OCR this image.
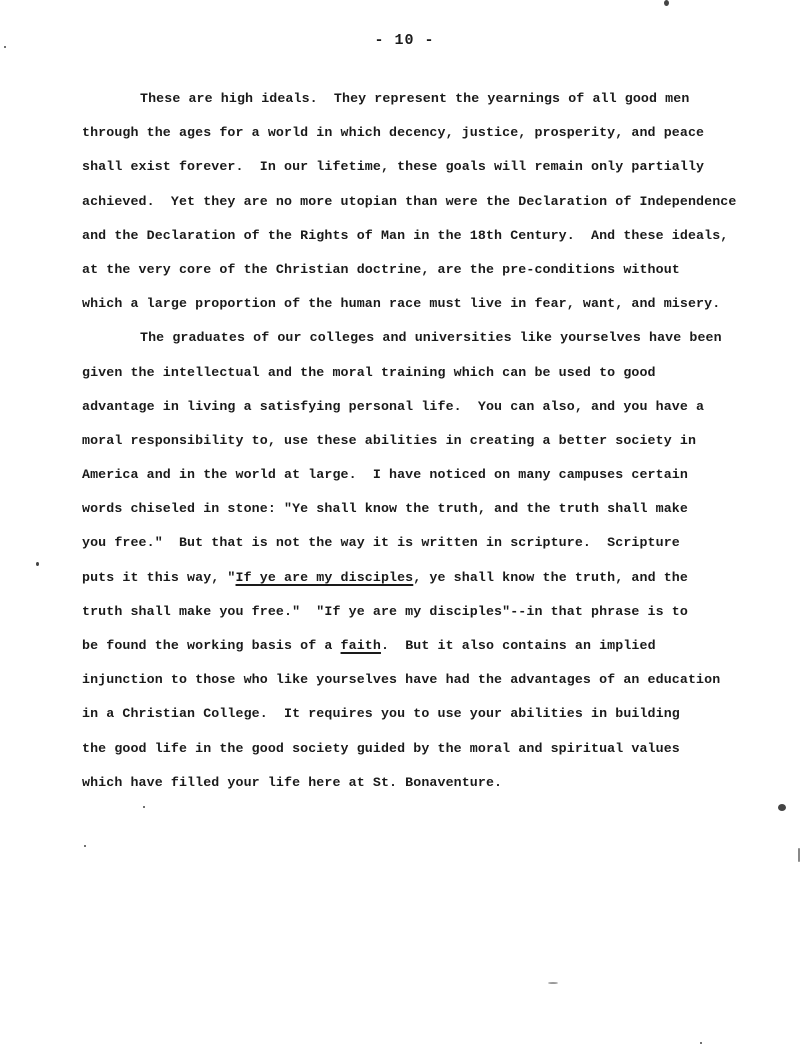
- 10 -
These are high ideals.  They represent the yearnings of all good men
through the ages for a world in which decency, justice, prosperity, and peace
shall exist forever.  In our lifetime, these goals will remain only partially
achieved.  Yet they are no more utopian than were the Declaration of Independence
and the Declaration of the Rights of Man in the 18th Century.  And these ideals,
at the very core of the Christian doctrine, are the pre-conditions without
which a large proportion of the human race must live in fear, want, and misery.
The graduates of our colleges and universities like yourselves have been
given the intellectual and the moral training which can be used to good
advantage in living a satisfying personal life.  You can also, and you have a
moral responsibility to, use these abilities in creating a better society in
America and in the world at large.  I have noticed on many campuses certain
words chiseled in stone: "Ye shall know the truth, and the truth shall make
you free."  But that is not the way it is written in scripture.  Scripture
puts it this way, "If ye are my disciples, ye shall know the truth, and the
truth shall make you free."  "If ye are my disciples"--in that phrase is to
be found the working basis of a faith.  But it also contains an implied
injunction to those who like yourselves have had the advantages of an education
in a Christian College.  It requires you to use your abilities in building
the good life in the good society guided by the moral and spiritual values
which have filled your life here at St. Bonaventure.
